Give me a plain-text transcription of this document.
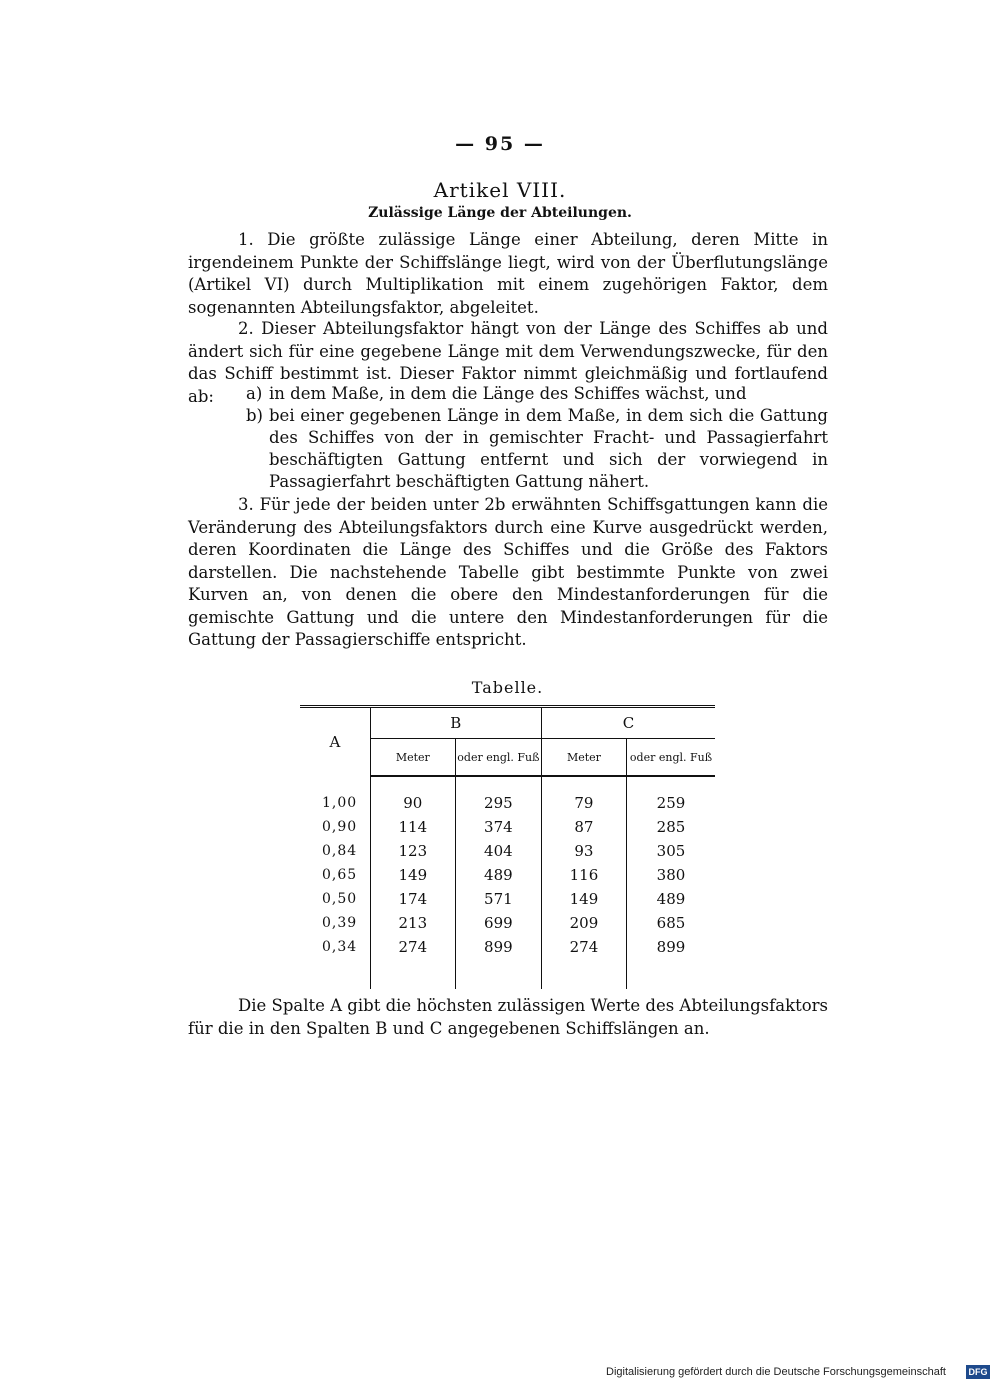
— 95 —
Artikel VIII.
Zulässige Länge der Abteilungen.
1. Die größte zulässige Länge einer Abteilung, deren Mitte in irgendeinem Punkte der Schiffslänge liegt, wird von der Überflutungslänge (Artikel VI) durch Multiplikation mit einem zugehörigen Faktor, dem sogenannten Abteilungsfaktor, abgeleitet.
2. Dieser Abteilungsfaktor hängt von der Länge des Schiffes ab und ändert sich für eine gegebene Länge mit dem Verwendungszwecke, für den das Schiff bestimmt ist. Dieser Faktor nimmt gleichmäßig und fortlaufend ab:	a) in dem Maße, in dem die Länge des Schiffes wächst, und
b) bei einer gegebenen Länge in dem Maße, in dem sich die Gattung des Schiffes von der in gemischter Fracht- und Passagierfahrt beschäftigten Gattung entfernt und sich der vorwiegend in Passagierfahrt beschäftigten Gattung nähert.
3. Für jede der beiden unter 2b erwähnten Schiffsgattungen kann die Veränderung des Abteilungsfaktors durch eine Kurve ausgedrückt werden, deren Koordinaten die Länge des Schiffes und die Größe des Faktors darstellen. Die nachstehende Tabelle gibt bestimmte Punkte von zwei Kurven an, von denen die obere den Mindestanforderungen für die gemischte Gattung und die untere den Mindestanforderungen für die Gattung der Passagierschiffe entspricht.
Tabelle.
A	B		C	
	Meter	oder engl. Fuß	Meter	oder engl. Fuß
1,00	90	295	79	259
0,90	114	374	87	285
0,84	123	404	93	305
0,65	149	489	116	380
0,50	174	571	149	489
0,39	213	699	209	685
0,34	274	899	274	899
Die Spalte A gibt die höchsten zulässigen Werte des Abteilungsfaktors für die in den Spalten B und C angegebenen Schiffslängen an.
Digitalisierung gefördert durch die Deutsche Forschungsgemeinschaft	DFG
